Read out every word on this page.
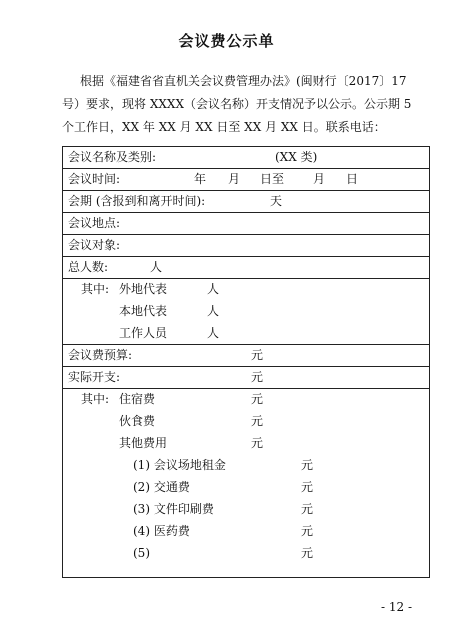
会议费公示单
根据《福建省省直机关会议费管理办法》(闽财行〔2017〕17
号）要求，现将 XXXX（会议名称）开支情况予以公示。公示期 5
个工作日，XX 年 XX 月 XX 日至 XX 月 XX 日。联系电话：
会议名称及类别:	(XX 类)
会议时间:	年 月 日至 月 日
会期 (含报到和离开时间):	天
会议地点:
会议对象:
总人数:	人
其中: 外地代表	人
本地代表	人
工作人员	人
会议费预算:	元
实际开支:	元
其中: 住宿费	元
伙食费	元
其他费用	元
(1) 会议场地租金	元
(2) 交通费	元
(3) 文件印刷费	元
(4) 医药费	元
(5)	元
- 12 -
